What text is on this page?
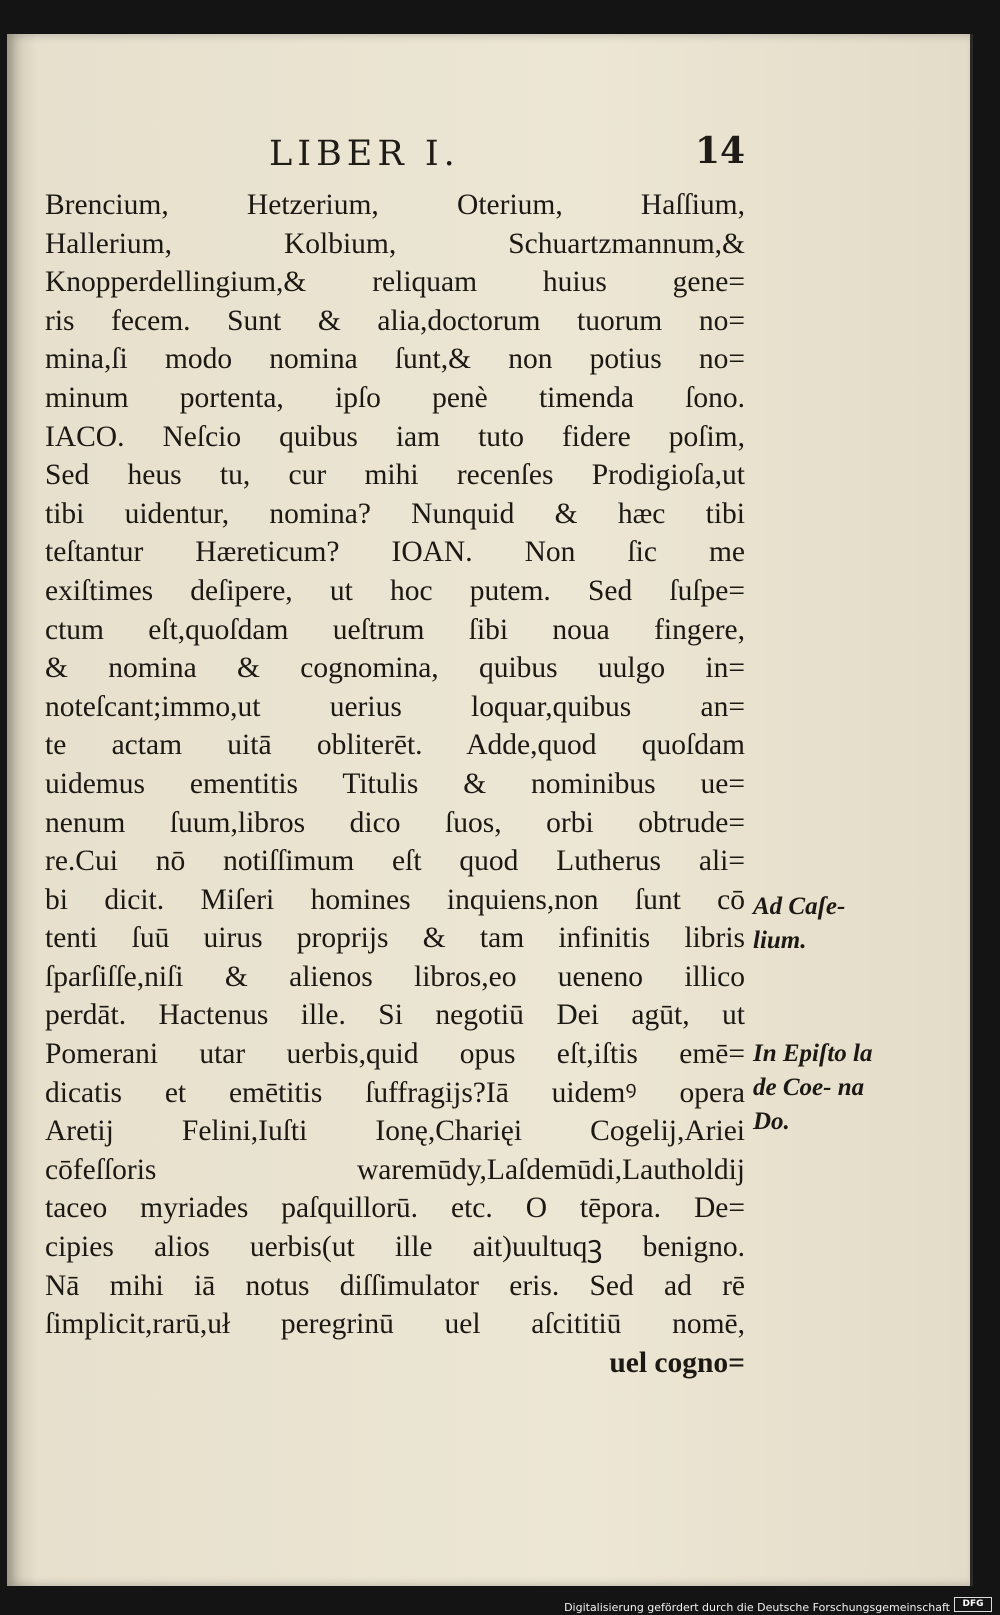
LIBER I.	14
Brencium, Hetzerium, Oterium, Haſſium,
Hallerium, Kolbium, Schuartzmannum,&
Knopperdellingium,& reliquam huius gene=
ris fecem. Sunt & alia,doctorum tuorum no=
mina,ſi modo nomina ſunt,& non potius no=
minum portenta, ipſo penè timenda ſono.
IACO. Neſcio quibus iam tuto fidere poſim,
Sed heus tu, cur mihi recenſes Prodigioſa,ut
tibi uidentur, nomina? Nunquid & hæc tibi
teſtantur Hæreticum? IOAN. Non ſic me
exiſtimes deſipere, ut hoc putem. Sed ſuſpe=
ctum eſt,quoſdam ueſtrum ſibi noua fingere,
& nomina & cognomina, quibus uulgo in=
noteſcant;immo,ut uerius loquar,quibus an=
te actam uitā obliterēt. Adde,quod quoſdam
uidemus ementitis Titulis & nominibus ue=
nenum ſuum,libros dico ſuos, orbi obtrude=
re.Cui nō notiſſimum eſt quod Lutherus ali=
bi dicit. Miſeri homines inquiens,non ſunt cō
tenti ſuū uirus proprijs & tam infinitis libris
ſparſiſſe,niſi & alienos libros,eo ueneno illico
perdāt. Hactenus ille. Si negotiū Dei agūt, ut
Pomerani utar uerbis,quid opus eſt,iſtis emē=
dicatis et emētitis ſuffragijs?Iā uidemꝰ opera
Aretij Felini,Iuſti Ionę,Charięi Cogelij,Ariei
cōfeſſoris waremūdy,Laſdemūdi,Lautholdij
taceo myriades paſquillorū. etc. O tēpora. De=
cipies alios uerbis(ut ille ait)uultuqꝫ benigno.
Nā mihi iā notus diſſimulator eris. Sed ad rē
ſimplicit,rarū,uł peregrinū uel aſcititiū nomē,
uel cogno=
Ad Caſe- lium.
In Epiſto la de Coe- na Do.
Digitalisierung gefördert durch die Deutsche Forschungsgemeinschaft	DFG
